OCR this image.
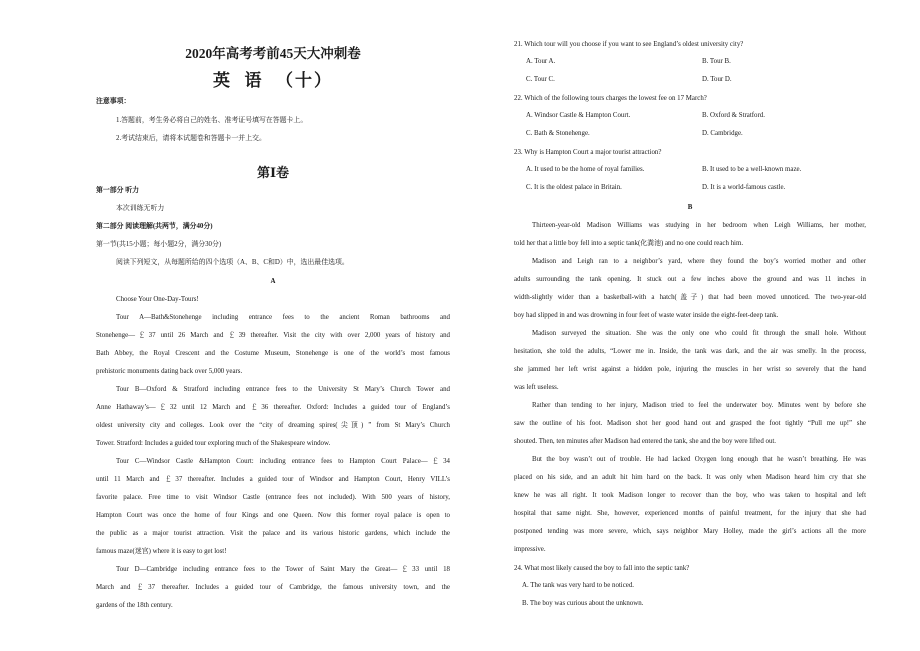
2020年高考考前45天大冲刺卷
英  语  （十）
注意事项：
1.答题前，考生务必将自己的姓名、准考证号填写在答题卡上。
2.考试结束后，请将本试题卷和答题卡一并上交。
第Ⅰ卷
第一部分 听力
本次训练无听力
第二部分 阅读理解(共两节，满分40分)
第一节(共15小题；每小题2分，满分30分)
阅读下列短文，从每题所给的四个选项（A、B、C和D）中，选出最佳选项。
A
Choose Your One-Day-Tours!
Tour A—Bath&Stonehenge including entrance fees to the ancient Roman bathrooms and
Stonehenge—￡37 until 26 March and ￡39 thereafter. Visit the city with over 2,000 years of history and
Bath Abbey, the Royal Crescent and the Costume Museum, Stonehenge is one of the world’s most famous
prehistoric monuments dating back over 5,000 years.
Tour B—Oxford & Stratford including entrance fees to the University St Mary’s Church Tower and
Anne Hathaway’s—￡32 until 12 March and ￡36 thereafter. Oxford: Includes a guided tour of England’s
oldest university city and colleges. Look over the “city of dreaming spires(尖顶) ” from St Mary’s Church
Tower. Stratford: Includes a guided tour exploring much of the Shakespeare window.
Tour C—Windsor Castle &Hampton Court: including entrance fees to Hampton Court Palace—￡34
until 11 March and ￡37 thereafter. Includes a guided tour of Windsor and Hampton Court, Henry VILL’s
favorite palace. Free time to visit Windsor Castle (entrance fees not included). With 500 years of history,
Hampton Court was once the home of four Kings and one Queen. Now this former royal palace is open to
the public as a major tourist attraction. Visit the palace and its various historic gardens, which include the
famous maze(迷宫) where it is easy to get lost!
Tour D—Cambridge including entrance fees to the Tower of Saint Mary the Great—￡33 until 18
March and ￡37 thereafter. Includes a guided tour of Cambridge, the famous university town, and the
gardens of the 18th century.
21. Which tour will you choose if you want to see England’s oldest university city?
A. Tour A.	B. Tour B.
C. Tour C.	D. Tour D.
22. Which of the following tours charges the lowest fee on 17 March?
A. Windsor Castle & Hampton Court.	B. Oxford & Stratford.
C. Bath & Stonehenge.	D. Cambridge.
23. Why is Hampton Court a major tourist attraction?
A. It used to be the home of royal families.	B. It used to be a well-known maze.
C. It is the oldest palace in Britain.	D. It is a world-famous castle.
B
Thirteen-year-old Madison Williams was studying in her bedroom when Leigh Williams, her mother,
told her that a little boy fell into a septic tank(化粪池) and no one could reach him.
Madison and Leigh ran to a neighbor’s yard, where they found the boy’s worried mother and other
adults surrounding the tank opening. It stuck out a few inches above the ground and was 11 inches in
width-slightly wider than a basketball-with a hatch(盖子) that had been moved unnoticed. The two-year-old
boy had slipped in and was drowning in four feet of waste water inside the eight-feet-deep tank.
Madison surveyed the situation. She was the only one who could fit through the small hole. Without
hesitation, she told the adults, “Lower me in. Inside, the tank was dark, and the air was smelly. In the process,
she jammed her left wrist against a hidden pole, injuring the muscles in her wrist so severely that the hand
was left useless.
Rather than tending to her injury, Madison tried to feel the underwater boy. Minutes went by before she
saw the outline of his foot. Madison shot her good hand out and grasped the foot tightly “Pull me up!” she
shouted. Then, ten minutes after Madison had entered the tank, she and the boy were lifted out.
But the boy wasn’t out of trouble. He had lacked Oxygen long enough that he wasn’t breathing. He was
placed on his side, and an adult hit him hard on the back. It was only when Madison heard him cry that she
knew he was all right. It took Madison longer to recover than the boy, who was taken to hospital and left
hospital that same night. She, however, experienced months of painful treatment, for the injury that she had
postponed tending was more severe, which, says neighbor Mary Holley, made the girl’s actions all the more
impressive.
24. What most likely caused the boy to fall into the septic tank?
A. The tank was very hard to be noticed.
B. The boy was curious about the unknown.
